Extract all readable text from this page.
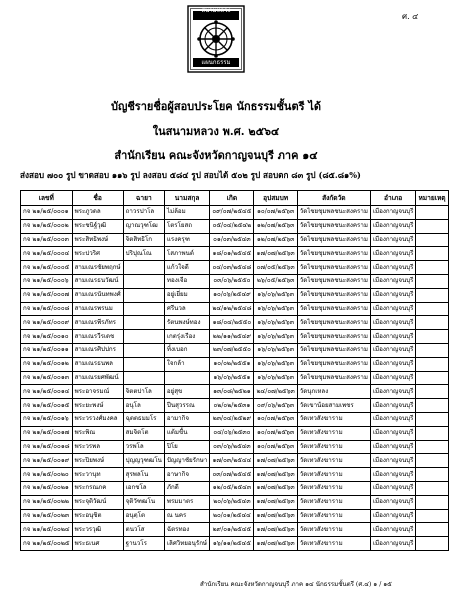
สนามหลวง
แผนกธรรม
ศ. ๔
บัญชีรายชื่อผู้สอบประโยค นักธรรมชั้นตรี ได้
ในสนามหลวง พ.ศ. ๒๕๖๔
สำนักเรียน คณะจังหวัดกาญจนบุรี ภาค ๑๔
ส่งสอบ ๗๐๐ รูป ขาดสอบ ๑๑๖ รูป ลงสอบ ๕๘๔ รูป สอบได้ ๕๐๒ รูป สอบตก ๘๓ รูป (๘๕.๘๑%)
เลขที่	ชื่อ	ฉายา	นามสกุล	เกิด	อุปสมบท	สังกัดวัด	อำเภอ	หมายเหตุ
กจ ๒๑/๒๕/๐๐๐๑	พระภูวดล	ถาวรปาโล	ไม่ล้อม	๐๙/๐๗/๒๕๔๕	๑๐/๐๗/๒๕๖๓	วัดไชยชุมพลชนะสงคราม	เมืองกาญจนบุรี	
กจ ๒๑/๒๕/๐๐๐๒	พระชนิฐ์วุฒิ	ญาณวุฑโฒ	โตรโยสถ	๐๕/๐๔/๒๕๔๒	๑๒/๐๗/๒๕๖๓	วัดไชยชุมพลชนะสงคราม	เมืองกาญจนบุรี	
กจ ๒๑/๒๕/๐๐๐๓	พระสิทธิพงษ์	จิตสิทธิโก	แรงครุฑ	๐๑/๐๓/๒๕๔๓	๑๒/๐๗/๒๕๖๓	วัดไชยชุมพลชนะสงคราม	เมืองกาญจนบุรี	
กจ ๒๑/๒๕/๐๐๐๔	พระปวริศ	ปริปุณโณ	โสภาพนต์	๑๘/๐๑/๒๕๔๕	๑๗/๐๗/๒๕๖๓	วัดไชยชุมพลชนะสงคราม	เมืองกาญจนบุรี	
กจ ๒๑/๒๕/๐๐๐๕	สามเณรชัยพฤกษ์		แก้วใจดี	๐๔/๐๓/๒๕๔๘	๐๗/๐๕/๒๕๖๓	วัดไชยชุมพลชนะสงคราม	เมืองกาญจนบุรี	
กจ ๒๑/๒๕/๐๐๐๖	สามเณรธนวัฒน์		ทองเจือ	๐๓/๐๖/๒๕๕๐	๒๖/๐๕/๒๕๖๓	วัดไชยชุมพลชนะสงคราม	เมืองกาญจนบุรี	
กจ ๒๑/๒๕/๐๐๐๗	สามเณรนันทพงศ์		อยู่เยี่ยม	๑๐/๐๖/๒๕๔๙	๑๖/๐๖/๒๕๖๓	วัดไชยชุมพลชนะสงคราม	เมืองกาญจนบุรี	
กจ ๒๑/๒๕/๐๐๐๘	สามเณรพรนม		ศรีนวล	๒๔/๑๒/๒๕๔๘	๑๖/๐๖/๒๕๖๓	วัดไชยชุมพลชนะสงคราม	เมืองกาญจนบุรี	
กจ ๒๑/๒๕/๐๐๐๙	สามเณรพีรภัทร		รัตนพงษ์ทอง	๑๘/๐๔/๒๕๕๐	๑๖/๐๖/๒๕๖๓	วัดไชยชุมพลชนะสงคราม	เมืองกาญจนบุรี	
กจ ๒๑/๒๕/๐๐๑๐	สามเณรวีรเดช		เกตรุ่งเรือง	๒๒/๑๑/๒๕๔๙	๑๖/๐๖/๒๕๖๓	วัดไชยชุมพลชนะสงคราม	เมืองกาญจนบุรี	
กจ ๒๑/๒๕/๐๐๑๑	สามเณรศิปปกร		ทิ้งเบอก	๒๓/๐๗/๒๕๕๐	๑๖/๐๖/๒๕๖๓	วัดไชยชุมพลชนะสงคราม	เมืองกาญจนบุรี	
กจ ๒๑/๒๕/๐๐๑๒	สามเณรธนพล		ใจกล้า	๑๐/๐๒/๒๕๕๑	๑๖/๐๖/๒๕๖๓	วัดไชยชุมพลชนะสงคราม	เมืองกาญจนบุรี	
กจ ๒๑/๒๕/๐๐๑๓	สามเณรยศพัฒน์			๑๖/๐๖/๒๕๕๑	๑๖/๐๖/๒๕๖๓	วัดไชยชุมพลชนะสงคราม	เมืองกาญจนบุรี	
กจ ๒๑/๒๕/๐๐๑๔	พระอาจรมณ์	จิตตปาโล	อยู่สุข	๑๓/๐๘/๒๕๒๑	๒๔/๐๗/๒๕๖๓	วัดนุกเหลง	เมืองกาญจนบุรี	
กจ ๒๑/๒๕/๐๐๑๕	พระยะพงษ์	อนุโล	ปืนสุวรรณ	๐๒/๐๒/๒๕๓๑	๐๙/๐๖/๒๕๖๓	วัดเขาน้อยสามเพชร	เมืองกาญจนบุรี	
กจ ๒๑/๒๕/๐๐๑๖	พระวรวงศ์มงคล	ฉุตตธมมโร	อามากิจ	๒๓/๐๔/๒๕๒๙	๑๐/๐๗/๒๕๖๓	วัดเทวสังฆาราม	เมืองกาญจนบุรี	
กจ ๒๑/๒๕/๐๐๑๗	พระพิณ	สมจิตโต	แต้มขื้น	๐๔/๐๖/๒๕๓๐	๑๐/๐๗/๒๕๖๓	วัดเทวสังฆาราม	เมืองกาญจนบุรี	
กจ ๒๑/๒๕/๐๐๑๘	พระวรพล	วรพโล	ปิโย	๐๓/๐๖/๒๕๔๓	๑๐/๐๗/๒๕๖๓	วัดเทวสังฆาราม	เมืองกาญจนบุรี	
กจ ๒๑/๒๕/๐๐๑๙	พระปิยพงษ์	ปุญญวุฑฒโน	ปัญญาชัยรักษา	๑๗/๐๓/๒๕๔๔	๑๗/๐๗/๒๕๖๓	วัดเทวสังฆาราม	เมืองกาญจนบุรี	
กจ ๒๑/๒๕/๐๐๒๐	พระวานุท	สุรพลโน	อาษากิจ	๐๓/๐๗/๒๕๔๕	๑๗/๐๗/๒๕๖๓	วัดเทวสังฆาราม	เมืองกาญจนบุรี	
กจ ๒๑/๒๕/๐๐๒๑	พระกรณภค	เอกชโล	ภักดี	๑๒/๐๕/๒๕๔๓	๑๗/๐๗/๒๕๖๓	วัดเทวสังฆาราม	เมืองกาญจนบุรี	
กจ ๒๑/๒๕/๐๐๒๒	พระจุติวัฒน์	จุติวัฑฒโน	พรมมาตร	๒๐/๐๖/๒๕๔๓	๑๗/๐๗/๒๕๖๓	วัดเทวสังฆาราม	เมืองกาญจนบุรี	
กจ ๒๑/๒๕/๐๐๒๓	พระอนุชิต	อนุตฺโต	ณ นคร	๒๐/๐๑/๒๕๔๔	๑๗/๐๗/๒๕๖๓	วัดเทวสังฆาราม	เมืองกาญจนบุรี	
กจ ๒๑/๒๕/๐๐๒๔	พระวรวุฒิ	ตนวโส	ฉัตรทอง	๒๙/๐๑/๒๕๔๕	๑๗/๐๗/๒๕๖๓	วัดเทวสังฆาราม	เมืองกาญจนบุรี	
กจ ๒๑/๒๕/๐๐๒๕	พระธเนศ	ฐานวโร	เลิศวิทยอนุรักษ์	๑๖/๑๑/๒๕๔๕	๑๗/๐๗/๒๕๖๓	วัดเทวสังฆาราม	เมืองกาญจนบุรี	
สำนักเรียน คณะจังหวัดกาญจนบุรี ภาค ๑๔ นักธรรมชั้นตรี (ศ.๔) ๑ / ๑๕
